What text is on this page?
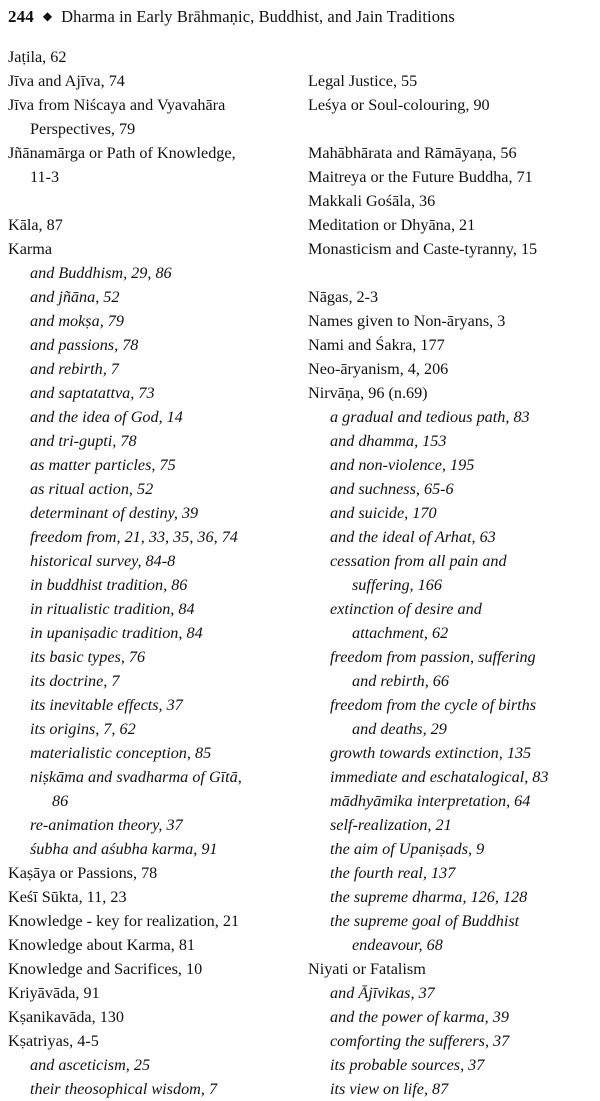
244 ◆ Dharma in Early Brāhmaṇic, Buddhist, and Jain Traditions
Jaṭila, 62
Jīva and Ajīva, 74
Jīva from Niścaya and Vyavahāra
Perspectives, 79
Jñānamārga or Path of Knowledge,
11-3
Kāla, 87
Karma
and Buddhism, 29, 86
and jñāna, 52
and mokṣa, 79
and passions, 78
and rebirth, 7
and saptatattva, 73
and the idea of God, 14
and tri-gupti, 78
as matter particles, 75
as ritual action, 52
determinant of destiny, 39
freedom from, 21, 33, 35, 36, 74
historical survey, 84-8
in buddhist tradition, 86
in ritualistic tradition, 84
in upaniṣadic tradition, 84
its basic types, 76
its doctrine, 7
its inevitable effects, 37
its origins, 7, 62
materialistic conception, 85
niṣkāma and svadharma of Gītā,
86
re-animation theory, 37
śubha and aśubha karma, 91
Kaṣāya or Passions, 78
Keśī Sūkta, 11, 23
Knowledge - key for realization, 21
Knowledge about Karma, 81
Knowledge and Sacrifices, 10
Kriyāvāda, 91
Kṣanikavāda, 130
Kṣatriyas, 4-5
and asceticism, 25
their theosophical wisdom, 7
Legal Justice, 55
Leśya or Soul-colouring, 90
Mahābhārata and Rāmāyaṇa, 56
Maitreya or the Future Buddha, 71
Makkali Gośāla, 36
Meditation or Dhyāna, 21
Monasticism and Caste-tyranny, 15
Nāgas, 2-3
Names given to Non-āryans, 3
Nami and Śakra, 177
Neo-āryanism, 4, 206
Nirvāṇa, 96 (n.69)
a gradual and tedious path, 83
and dhamma, 153
and non-violence, 195
and suchness, 65-6
and suicide, 170
and the ideal of Arhat, 63
cessation from all pain and
suffering, 166
extinction of desire and
attachment, 62
freedom from passion, suffering
and rebirth, 66
freedom from the cycle of births
and deaths, 29
growth towards extinction, 135
immediate and eschatalogical, 83
mādhyāmika interpretation, 64
self-realization, 21
the aim of Upaniṣads, 9
the fourth real, 137
the supreme dharma, 126, 128
the supreme goal of Buddhist
endeavour, 68
Niyati or Fatalism
and Ājīvikas, 37
and the power of karma, 39
comforting the sufferers, 37
its probable sources, 37
its view on life, 87
